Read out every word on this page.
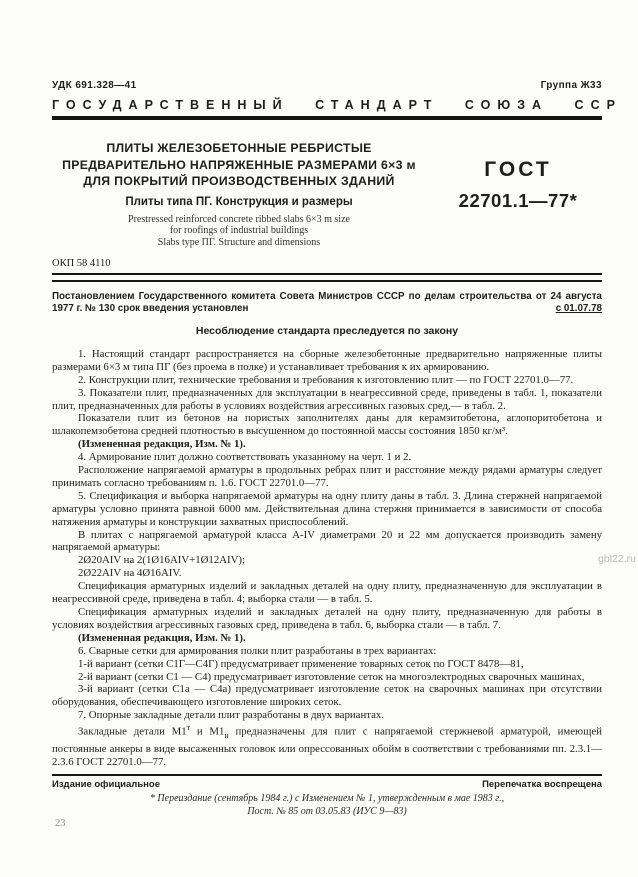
УДК 691.328—41	Группа Ж33
ГОСУДАРСТВЕННЫЙ СТАНДАРТ СОЮЗА ССР
ПЛИТЫ ЖЕЛЕЗОБЕТОННЫЕ РЕБРИСТЫЕ
ПРЕДВАРИТЕЛЬНО НАПРЯЖЕННЫЕ РАЗМЕРАМИ 6×3 м
ДЛЯ ПОКРЫТИЙ ПРОИЗВОДСТВЕННЫХ ЗДАНИЙ
Плиты типа ПГ. Конструкция и размеры
Prestressed reinforced concrete ribbed slabs 6×3 m size
for roofings of industrial buildings
Slabs type ПГ. Structure and dimensions
ГОСТ
22701.1—77*
ОКП 58 4110
Постановлением Государственного комитета Совета Министров СССР по делам строительства от 24 августа 1977 г. № 130 срок введения установлен	с 01.07.78
Несоблюдение стандарта преследуется по закону

1. Настоящий стандарт распространяется на сборные железобетонные предварительно напряженные плиты размерами 6×3 м типа ПГ (без проема в полке) и устанавливает требования к их армированию.

2. Конструкции плит, технические требования и требования к изготовлению плит — по ГОСТ 22701.0—77.

3. Показатели плит, предназначенных для эксплуатации в неагрессивной среде, приведены в табл. 1, показатели плит, предназначенных для работы в условиях воздействия агрессивных газовых сред,— в табл. 2.

Показатели плит из бетонов на пористых заполнителях даны для керамзитобетона, аглопоритобетона и шлакопемзобетона средней плотностью в высушенном до постоянной массы состояния 1850 кг/м³.

(Измененная редакция, Изм. № 1).

4. Армирование плит должно соответствовать указанному на черт. 1 и 2.

Расположение напрягаемой арматуры в продольных ребрах плит и расстояние между рядами арматуры следует принимать согласно требованиям п. 1.6. ГОСТ 22701.0—77.

5. Спецификация и выборка напрягаемой арматуры на одну плиту даны в табл. 3. Длина стержней напрягаемой арматуры условно принята равной 6000 мм. Действительная длина стержня принимается в зависимости от способа натяжения арматуры и конструкции захватных приспособлений.

В плитах с напрягаемой арматурой класса А-IV диаметрами 20 и 22 мм допускается производить замену напрягаемой арматуры:

2Ø20АIV на 2(1Ø16АIV+1Ø12АIV);

2Ø22АIV на 4Ø16АIV.

Спецификация арматурных изделий и закладных деталей на одну плиту, предназначенную для эксплуатации в неагрессивной среде, приведена в табл. 4; выборка стали — в табл. 5.

Спецификация арматурных изделий и закладных деталей на одну плиту, предназначенную для работы в условиях воздействия агрессивных газовых сред, приведена в табл. 6, выборка стали — в табл. 7.

(Измененная редакция, Изм. № 1).

6. Сварные сетки для армирования полки плит разработаны в трех вариантах:

1-й вариант (сетки С1Г—С4Г) предусматривает применение товарных сеток по ГОСТ 8478—81,

2-й вариант (сетки С1 — С4) предусматривает изготовление сеток на многоэлектродных сварочных машинах,

3-й вариант (сетки С1а — С4а) предусматривает изготовление сеток на сварочных машинах при отсутствии оборудования, обеспечивающего изготовление широких сеток.

7. Опорные закладные детали плит разработаны в двух вариантах.

Закладные детали $М1^т$ и $М1_н$ предназначены для плит с напрягаемой стержневой арматурой, имеющей постоянные анкеры в виде высаженных головок или опрессованных обойм в соответствии с требованиями пп. 2.3.1—2.3.6 ГОСТ 22701.0—77.

Издание официальное	Перепечатка воспрещена
* Переиздание (сентябрь 1984 г.) с Изменением № 1, утвержденным в мае 1983 г.,
Пост. № 85 от 03.05.83 (ИУС 9—83)
23
gbl22.ru
